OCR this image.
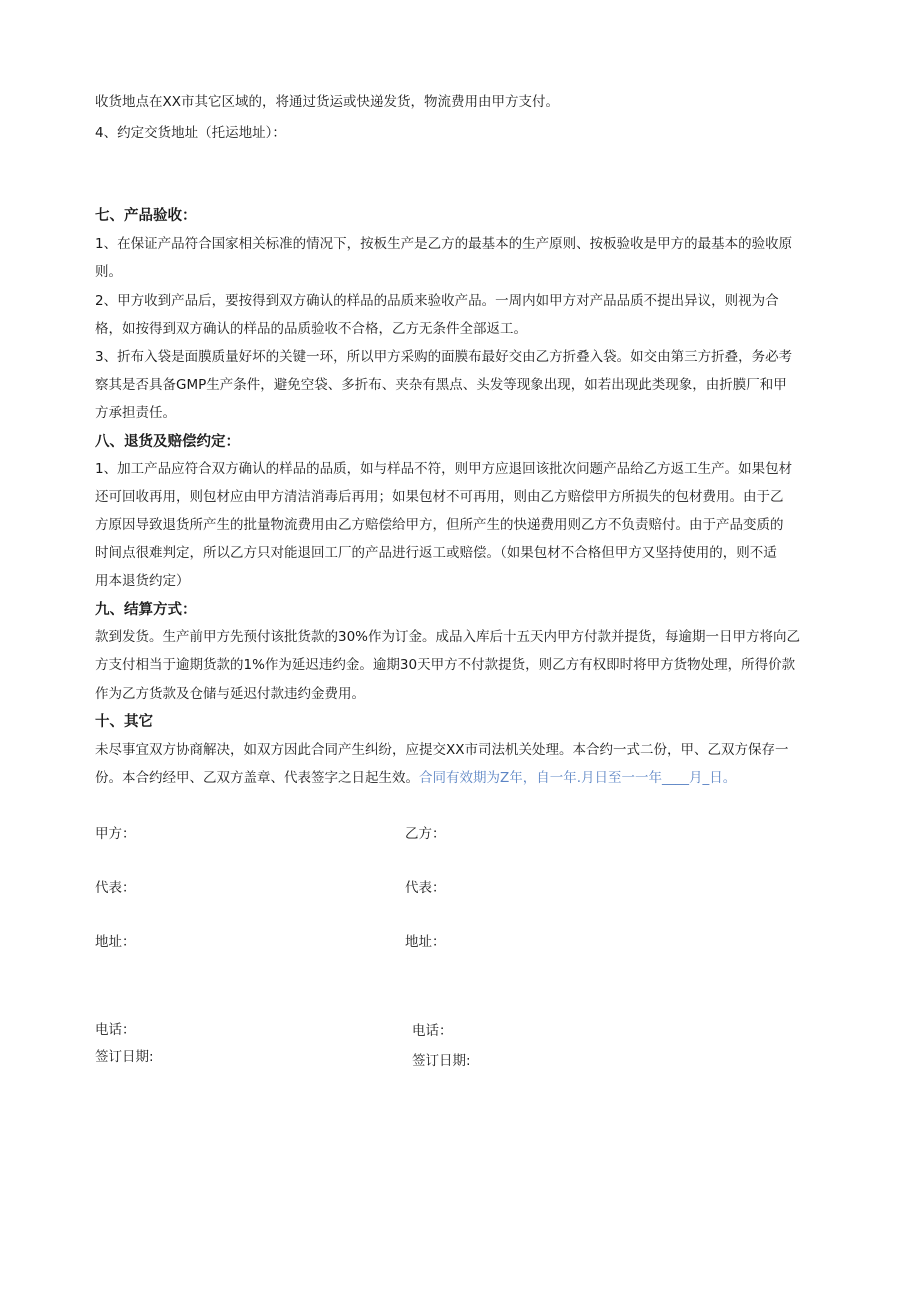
收货地点在XX市其它区域的，将通过货运或快递发货，物流费用由甲方支付。
4、约定交货地址（托运地址）：
七、产品验收：
1、在保证产品符合国家相关标准的情况下，按板生产是乙方的最基本的生产原则、按板验收是甲方的最基本的验收原
则。
2、甲方收到产品后，要按得到双方确认的样品的品质来验收产品。一周内如甲方对产品品质不提出异议，则视为合
格，如按得到双方确认的样品的品质验收不合格，乙方无条件全部返工。
3、折布入袋是面膜质量好坏的关键一环，所以甲方采购的面膜布最好交由乙方折叠入袋。如交由第三方折叠，务必考
察其是否具备GMP生产条件，避免空袋、多折布、夹杂有黑点、头发等现象出现，如若出现此类现象，由折膜厂和甲
方承担责任。
八、退货及赔偿约定：
1、加工产品应符合双方确认的样品的品质，如与样品不符，则甲方应退回该批次问题产品给乙方返工生产。如果包材
还可回收再用，则包材应由甲方清洁消毒后再用；如果包材不可再用，则由乙方赔偿甲方所损失的包材费用。由于乙
方原因导致退货所产生的批量物流费用由乙方赔偿给甲方，但所产生的快递费用则乙方不负责赔付。由于产品变质的
时间点很难判定，所以乙方只对能退回工厂的产品进行返工或赔偿。（如果包材不合格但甲方又坚持使用的，则不适
用本退货约定）
九、结算方式：
款到发货。生产前甲方先预付该批货款的30%作为订金。成品入库后十五天内甲方付款并提货，每逾期一日甲方将向乙
方支付相当于逾期货款的1%作为延迟违约金。逾期30天甲方不付款提货，则乙方有权即时将甲方货物处理，所得价款
作为乙方货款及仓储与延迟付款违约金费用。
十、其它
未尽事宜双方协商解决，如双方因此合同产生纠纷，应提交XX市司法机关处理。本合约一式二份，甲、乙双方保存一
份。本合约经甲、乙双方盖章、代表签字之日起生效。合同有效期为Z年，自一年.月日至一一年____月_日。
甲方：	乙方：
代表：	代表：
地址：	地址：
电话：	电话：
签订日期:	签订日期:
